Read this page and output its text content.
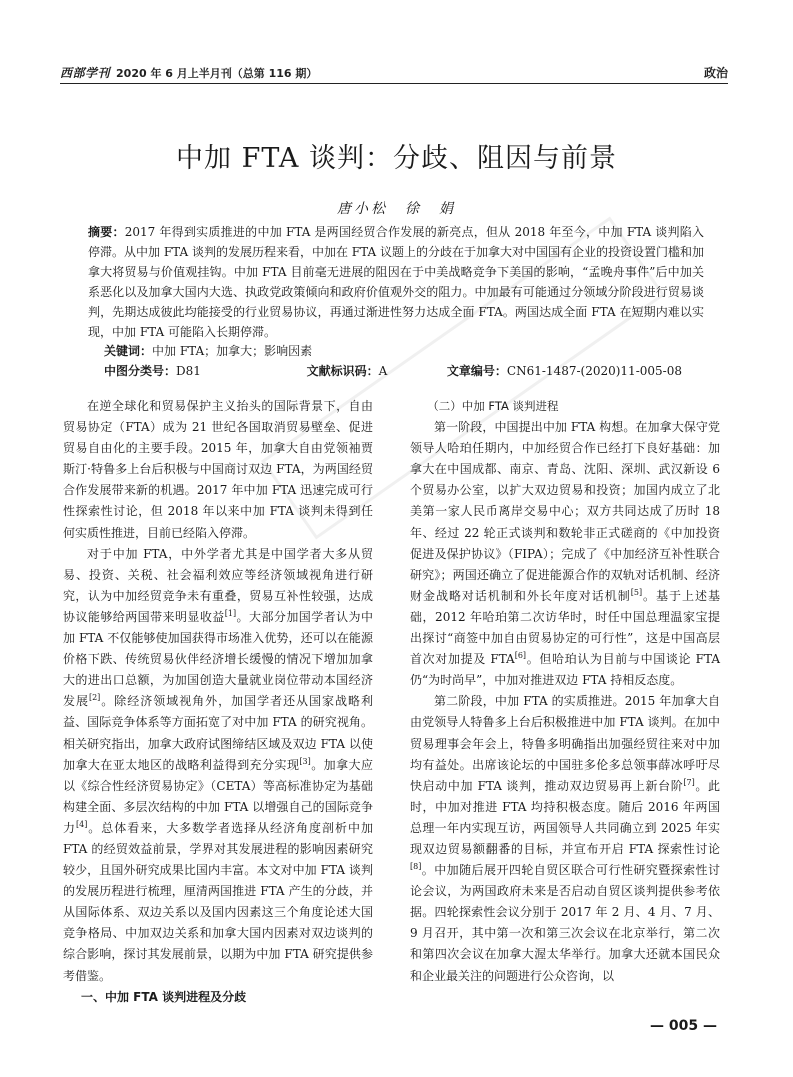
西部学刊 2020 年 6 月上半月刊（总第 116 期）	政治
中加 FTA 谈判：分歧、阻因与前景
唐小松　徐　娟

摘要：2017 年得到实质推进的中加 FTA 是两国经贸合作发展的新亮点，但从 2018 年至今，中加 FTA 谈判陷入停滞。从中加 FTA 谈判的发展历程来看，中加在 FTA 议题上的分歧在于加拿大对中国国有企业的投资设置门槛和加拿大将贸易与价值观挂钩。中加 FTA 目前毫无进展的阻因在于中美战略竞争下美国的影响，“孟晚舟事件”后中加关系恶化以及加拿大国内大选、执政党政策倾向和政府价值观外交的阻力。中加最有可能通过分领域分阶段进行贸易谈判，先期达成彼此均能接受的行业贸易协议，再通过渐进性努力达成全面 FTA。两国达成全面 FTA 在短期内难以实现，中加 FTA 可能陷入长期停滞。

关键词：中加 FTA；加拿大；影响因素
中图分类号：D81	文献标识码：A	文章编号：CN61-1487-(2020)11-005-08

在逆全球化和贸易保护主义抬头的国际背景下，自由贸易协定（FTA）成为 21 世纪各国取消贸易壁垒、促进贸易自由化的主要手段。2015 年，加拿大自由党领袖贾斯汀·特鲁多上台后积极与中国商讨双边 FTA，为两国经贸合作发展带来新的机遇。2017 年中加 FTA 迅速完成可行性探索性讨论，但 2018 年以来中加 FTA 谈判未得到任何实质性推进，目前已经陷入停滞。

对于中加 FTA，中外学者尤其是中国学者大多从贸易、投资、关税、社会福利效应等经济领域视角进行研究，认为中加经贸竞争未有重叠，贸易互补性较强，达成协议能够给两国带来明显收益[1]。大部分加国学者认为中加 FTA 不仅能够使加国获得市场准入优势，还可以在能源价格下跌、传统贸易伙伴经济增长缓慢的情况下增加加拿大的进出口总额，为加国创造大量就业岗位带动本国经济发展[2]。除经济领域视角外，加国学者还从国家战略利益、国际竞争体系等方面拓宽了对中加 FTA 的研究视角。相关研究指出，加拿大政府试图缔结区域及双边 FTA 以使加拿大在亚太地区的战略利益得到充分实现[3]。加拿大应以《综合性经济贸易协定》（CETA）等高标准协定为基础构建全面、多层次结构的中加 FTA 以增强自己的国际竞争力[4]。总体看来，大多数学者选择从经济角度剖析中加 FTA 的经贸效益前景，学界对其发展进程的影响因素研究较少，且国外研究成果比国内丰富。本文对中加 FTA 谈判的发展历程进行梳理，厘清两国推进 FTA 产生的分歧，并从国际体系、双边关系以及国内因素这三个角度论述大国竞争格局、中加双边关系和加拿大国内因素对双边谈判的综合影响，探讨其发展前景，以期为中加 FTA 研究提供参考借鉴。

一、中加 FTA 谈判进程及分歧
（二）中加 FTA 谈判进程

第一阶段，中国提出中加 FTA 构想。在加拿大保守党领导人哈珀任期内，中加经贸合作已经打下良好基础：加拿大在中国成都、南京、青岛、沈阳、深圳、武汉新设 6 个贸易办公室，以扩大双边贸易和投资；加国内成立了北美第一家人民币离岸交易中心；双方共同达成了历时 18 年、经过 22 轮正式谈判和数轮非正式磋商的《中加投资促进及保护协议》（FIPA）；完成了《中加经济互补性联合研究》；两国还确立了促进能源合作的双轨对话机制、经济财金战略对话机制和外长年度对话机制[5]。基于上述基础，2012 年哈珀第二次访华时，时任中国总理温家宝提出探讨“商签中加自由贸易协定的可行性”，这是中国高层首次对加提及 FTA[6]。但哈珀认为目前与中国谈论 FTA 仍“为时尚早”，中加对推进双边 FTA 持相反态度。

第二阶段，中加 FTA 的实质推进。2015 年加拿大自由党领导人特鲁多上台后积极推进中加 FTA 谈判。在加中贸易理事会年会上，特鲁多明确指出加强经贸往来对中加均有益处。出席该论坛的中国驻多伦多总领事薛冰呼吁尽快启动中加 FTA 谈判，推动双边贸易再上新台阶[7]。此时，中加对推进 FTA 均持积极态度。随后 2016 年两国总理一年内实现互访，两国领导人共同确立到 2025 年实现双边贸易额翻番的目标，并宣布开启 FTA 探索性讨论[8]。中加随后展开四轮自贸区联合可行性研究暨探索性讨论会议，为两国政府未来是否启动自贸区谈判提供参考依据。四轮探索性会议分别于 2017 年 2 月、4 月、7 月、9 月召开，其中第一次和第三次会议在北京举行，第二次和第四次会议在加拿大渥太华举行。加拿大还就本国民众和企业最关注的问题进行公众咨询，以

— 005 —
